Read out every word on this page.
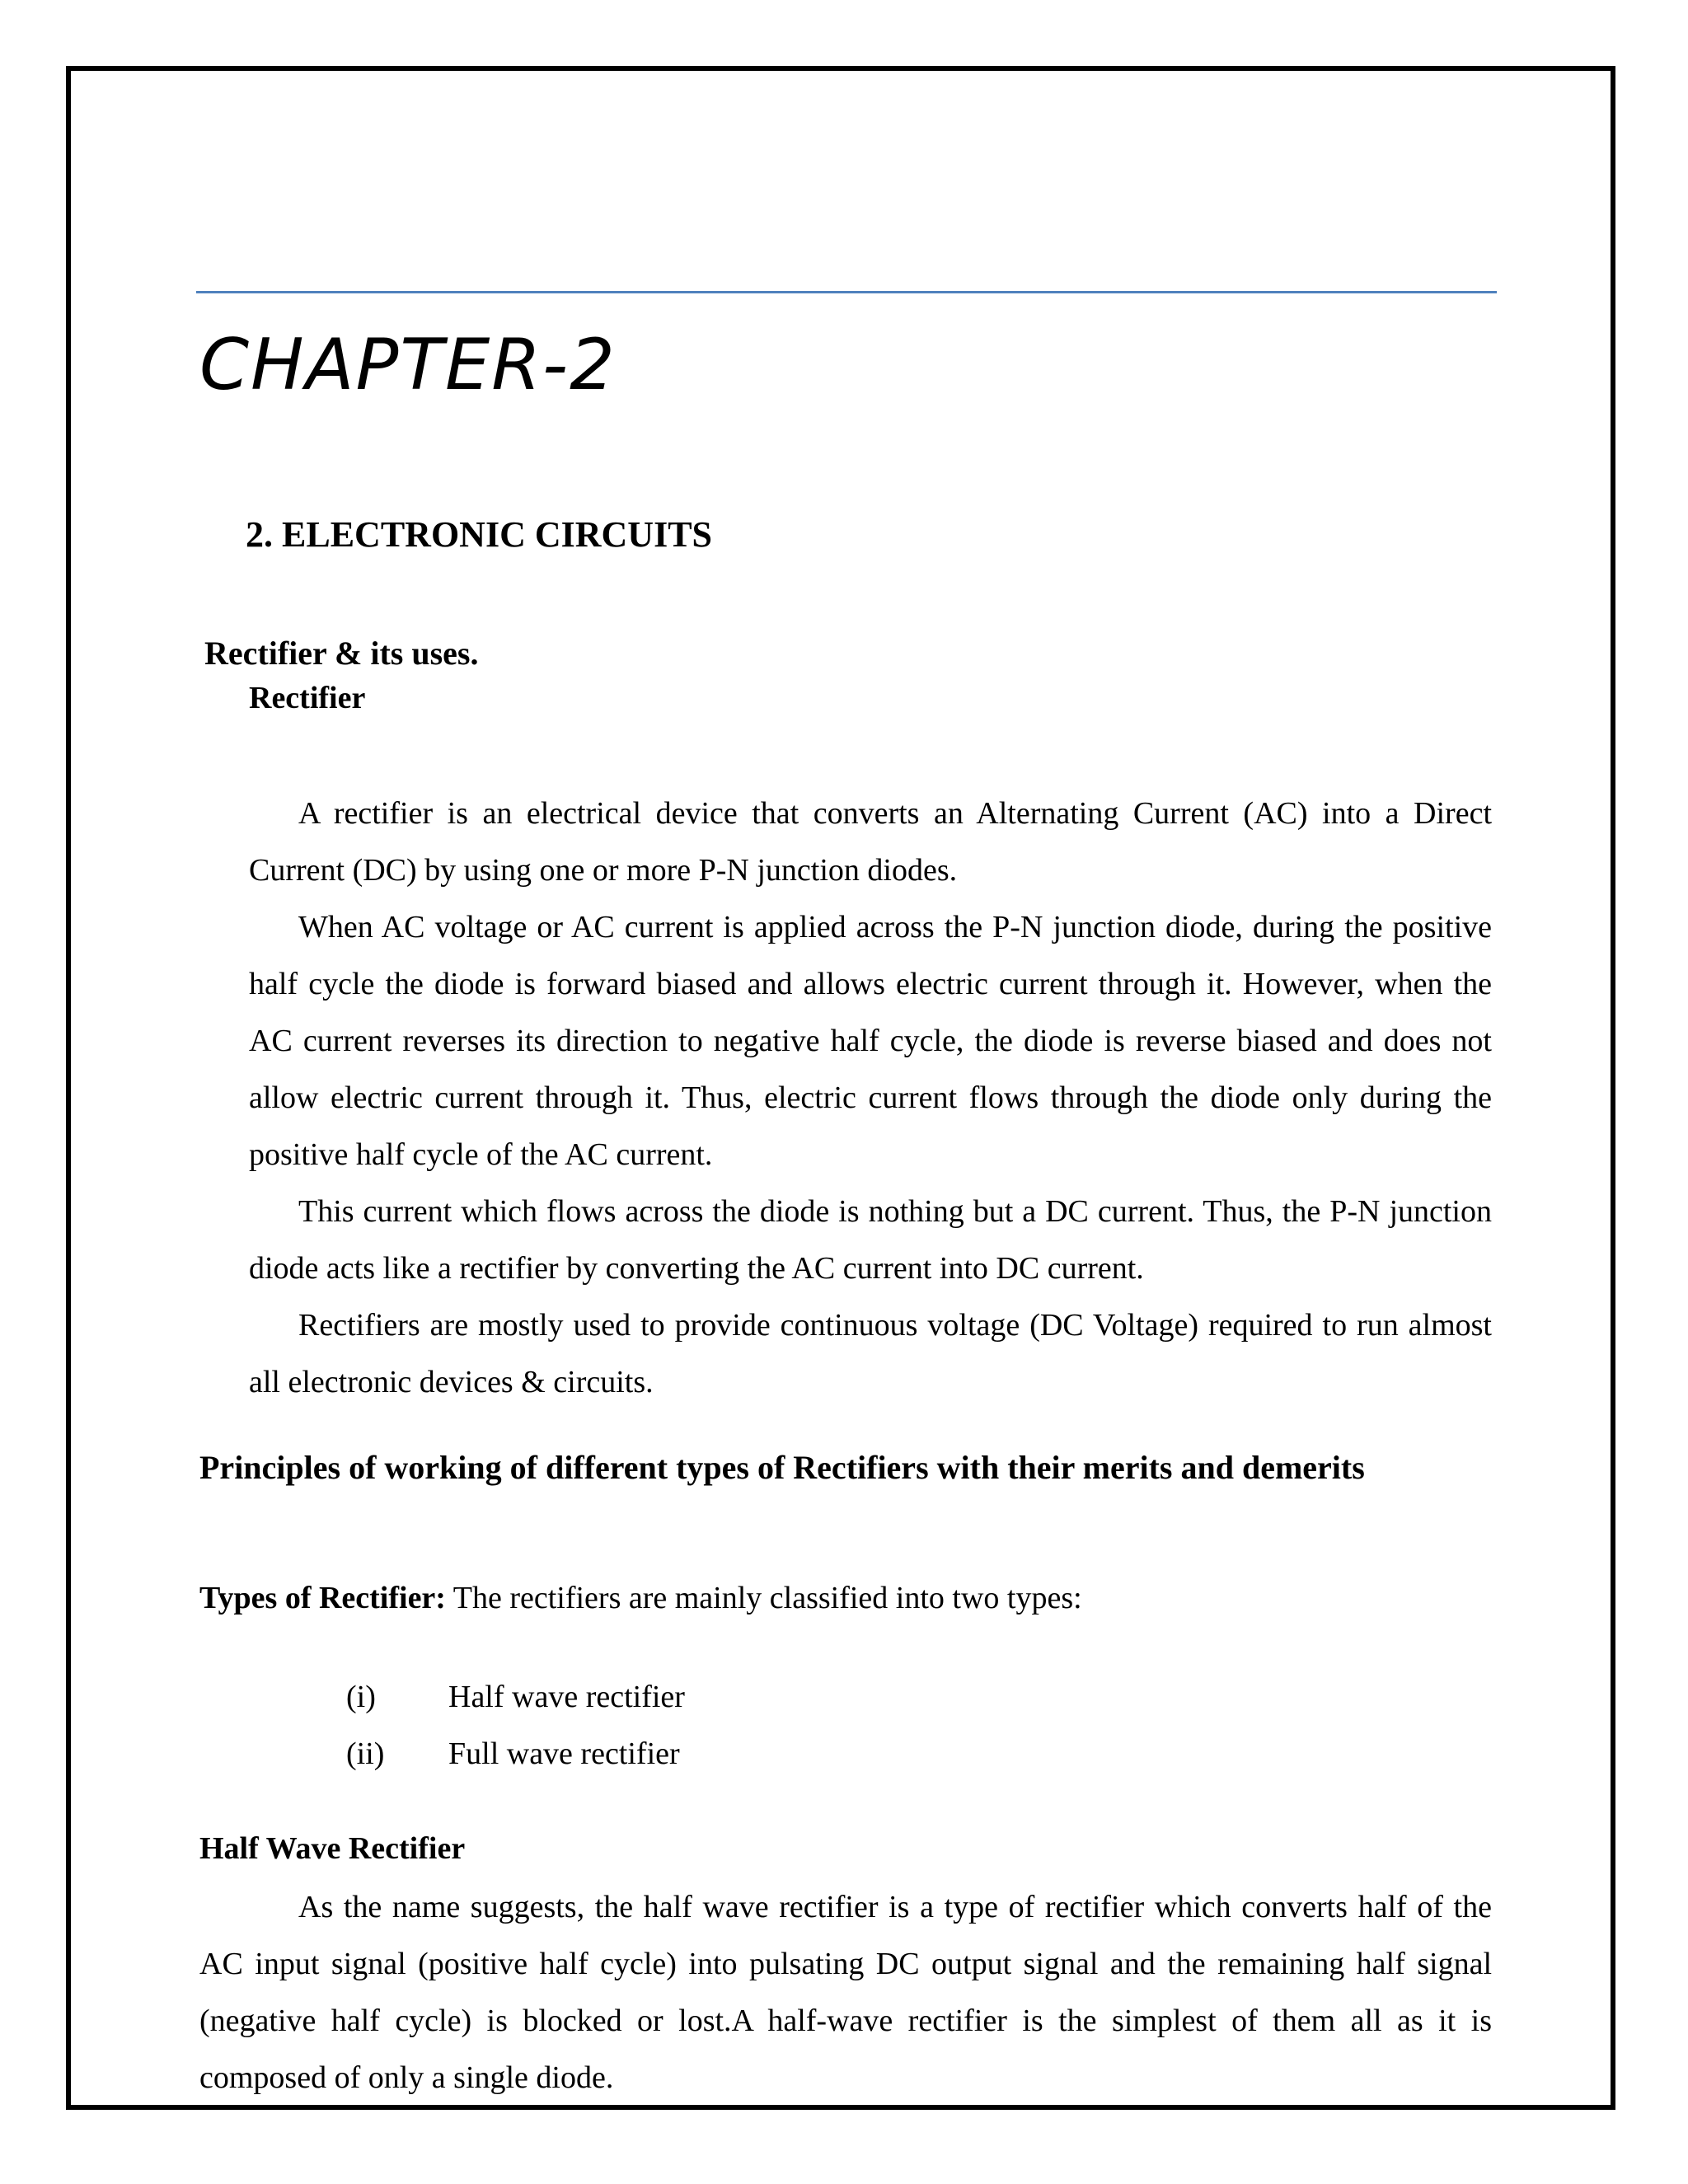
CHAPTER-2
2. ELECTRONIC CIRCUITS
Rectifier & its uses.
Rectifier

A rectifier is an electrical device that converts an Alternating Current (AC) into a Direct Current (DC) by using one or more P-N junction diodes.

When AC voltage or AC current is applied across the P-N junction diode, during the positive half cycle the diode is forward biased and allows electric current through it. However, when the AC current reverses its direction to negative half cycle, the diode is reverse biased and does not allow electric current through it. Thus, electric current flows through the diode only during the positive half cycle of the AC current.

This current which flows across the diode is nothing but a DC current. Thus, the P-N junction diode acts like a rectifier by converting the AC current into DC current.

Rectifiers are mostly used to provide continuous voltage (DC Voltage) required to run almost all electronic devices & circuits.

Principles of working of different types of Rectifiers with their merits and demerits

Types of Rectifier: The rectifiers are mainly classified into two types:

(i) Half wave rectifier
(ii) Full wave rectifier
Half Wave Rectifier

As the name suggests, the half wave rectifier is a type of rectifier which converts half of the AC input signal (positive half cycle) into pulsating DC output signal and the remaining half signal (negative half cycle) is blocked or lost.A half-wave rectifier is the simplest of them all as it is composed of only a single diode.
